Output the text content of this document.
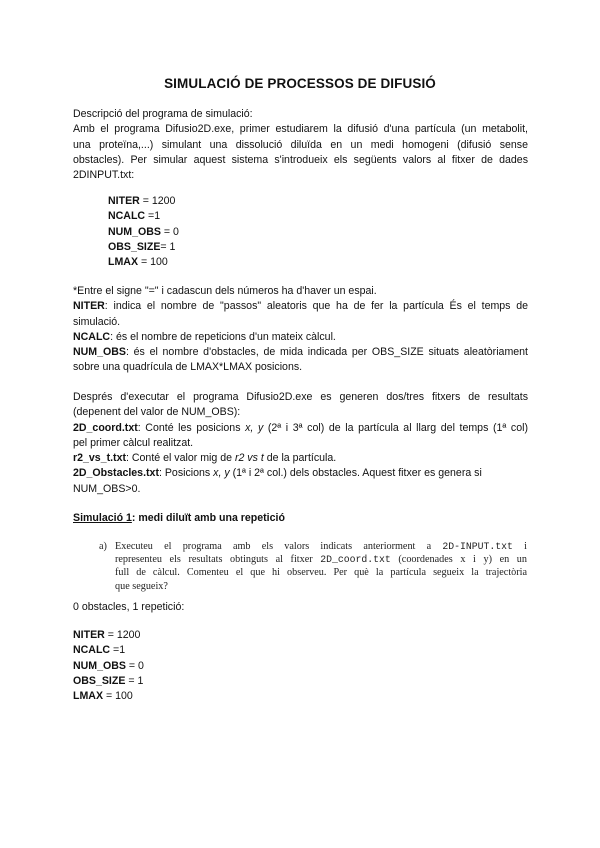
SIMULACIÓ DE PROCESSOS DE DIFUSIÓ
Descripció del programa de simulació:
Amb el programa Difusio2D.exe, primer estudiarem la difusió d'una partícula (un metabolit,
una proteïna,...) simulant una dissolució diluïda en un medi homogeni (difusió sense
obstacles). Per simular aquest sistema s'introdueix els següents valors al fitxer de dades
2DINPUT.txt:
NITER = 1200
NCALC =1
NUM_OBS = 0
OBS_SIZE= 1
LMAX = 100
*Entre el signe "=" i cadascun dels números ha d'haver un espai.
NITER: indica el nombre de "passos" aleatoris que ha de fer la partícula És el temps de
simulació.
NCALC: és el nombre de repeticions d'un mateix càlcul.
NUM_OBS: és el nombre d'obstacles, de mida indicada per OBS_SIZE situats aleatòriament
sobre una quadrícula de LMAX*LMAX posicions.
Després d'executar el programa Difusio2D.exe es generen dos/tres fitxers de resultats
(depenent del valor de NUM_OBS):
2D_coord.txt: Conté les posicions x, y (2ª i 3ª col) de la partícula al llarg del temps (1ª col)
pel primer càlcul realitzat.
r2_vs_t.txt: Conté el valor mig de r2 vs t de la partícula.
2D_Obstacles.txt: Posicions x, y (1ª i 2ª col.) dels obstacles. Aquest fitxer es genera si
NUM_OBS>0.
Simulació 1: medi diluït amb una repetició
a) Executeu el programa amb els valors indicats anteriorment a 2D-INPUT.txt i
representeu els resultats obtinguts al fitxer 2D_coord.txt (coordenades x i y) en un
full de càlcul. Comenteu el que hi observeu. Per què la partícula segueix la trajectòria
que segueix?
0 obstacles, 1 repetició:
NITER = 1200
NCALC =1
NUM_OBS = 0
OBS_SIZE = 1
LMAX = 100
